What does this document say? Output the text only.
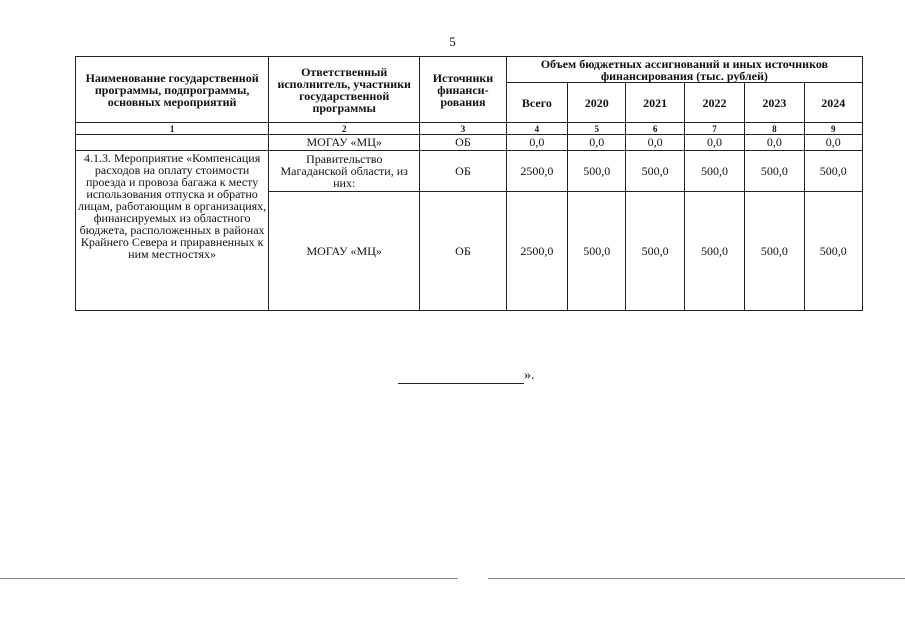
5
Наименование государственной программы, подпрограммы, основных мероприятий	Ответственный исполнитель, участники государственной программы	Источники финанси-рования	Объем бюджетных ассигнований и иных источников финансирования (тыс. рублей)					
			Всего	2020	2021	2022	2023	2024
1	2	3	4	5	6	7	8	9
	МОГАУ «МЦ»	ОБ	0,0	0,0	0,0	0,0	0,0	0,0
4.1.3. Мероприятие «Компенсация расходов на оплату стоимости проезда и провоза багажа к месту использования отпуска и обратно лицам, работающим в организациях, финансируемых из областного бюджета, расположенных в районах Крайнего Севера и приравненных к ним местностях»	Правительство Магаданской области, из них:	ОБ	2500,0	500,0	500,0	500,0	500,0	500,0
	МОГАУ «МЦ»	ОБ	2500,0	500,0	500,0	500,0	500,0	500,0
».
